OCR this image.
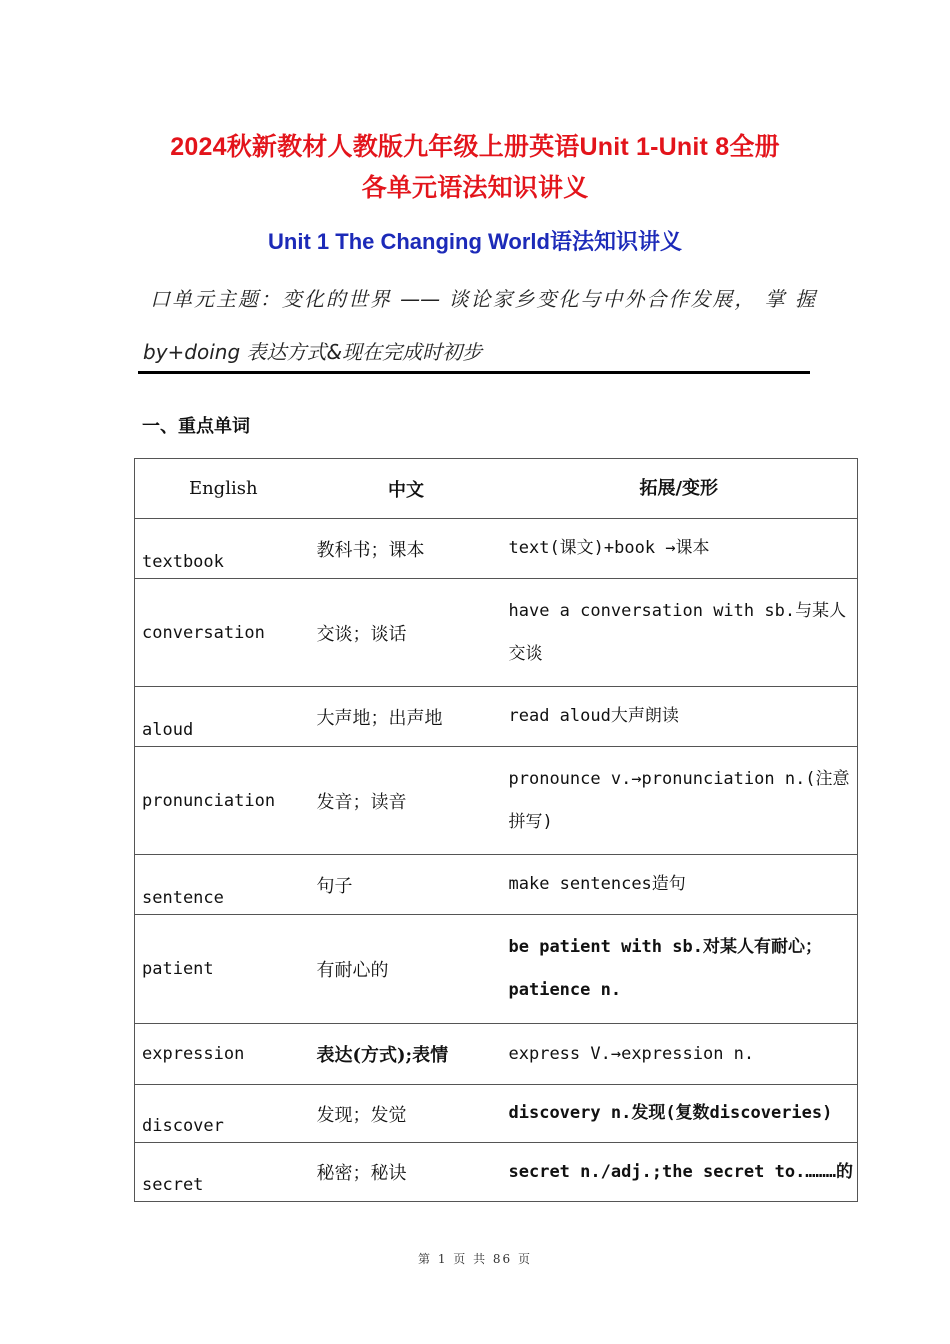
2024秋新教材人教版九年级上册英语Unit 1-Unit 8全册
各单元语法知识讲义
Unit 1 The Changing World语法知识讲义
口单元主题：变化的世界 —— 谈论家乡变化与中外合作发展， 掌 握
by+doing 表达方式&现在完成时初步
一、重点单词
English	中文	拓展/变形
textbook	教科书；课本	text(课文)+book →课本
conversation	交谈；谈话	have a conversation with sb.与某人交谈
aloud	大声地；出声地	read aloud大声朗读
pronunciation	发音；读音	pronounce v.→pronunciation n.(注意拼写)
sentence	句子	make sentences造句
patient	有耐心的	be patient with sb.对某人有耐心；patience n.
expression	表达(方式);表情	express V.→expression n.
discover	发现；发觉	discovery n.发现(复数discoveries)
secret	秘密；秘诀	secret n./adj.;the secret to.………的
第 1 页 共 86 页
